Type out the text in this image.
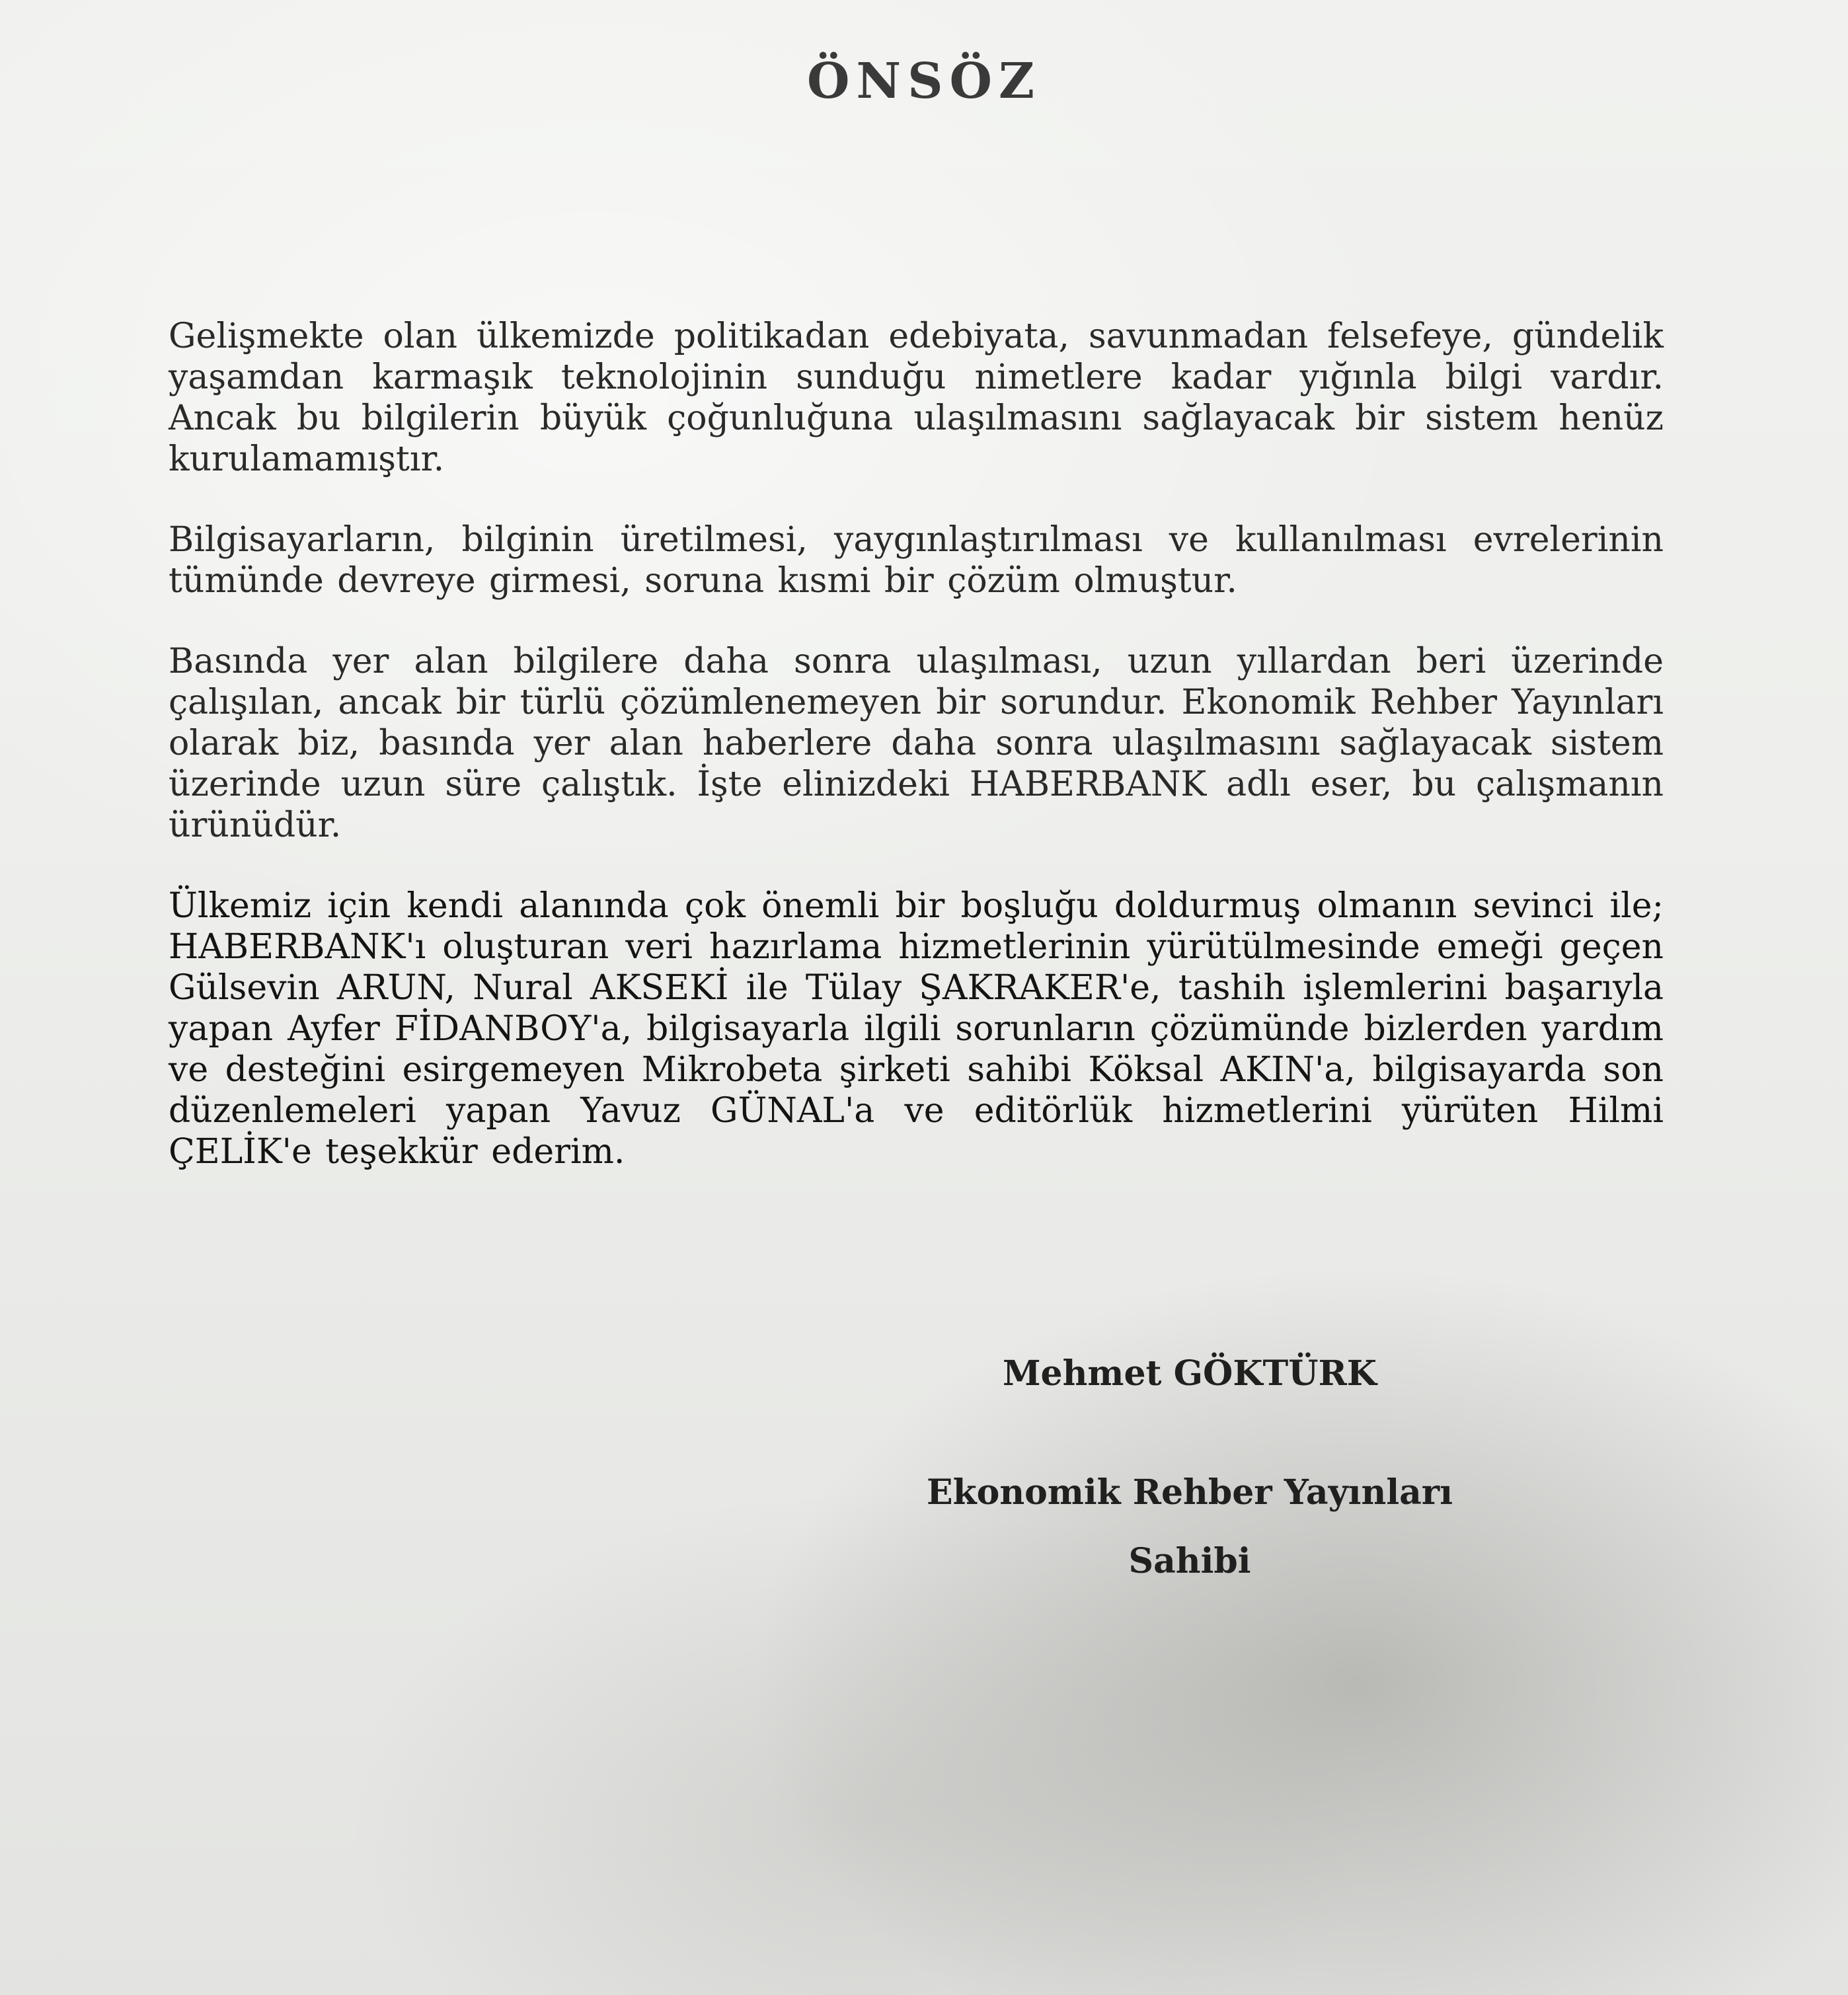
ÖNSÖZ

Gelişmekte olan ülkemizde politikadan edebiyata, savunmadan felsefeye, gündelik yaşamdan karmaşık teknolojinin sunduğu nimetlere kadar yığınla bilgi vardır. Ancak bu bilgilerin büyük çoğunluğuna ulaşılmasını sağlayacak bir sistem henüz kurulamamıştır.

Bilgisayarların, bilginin üretilmesi, yaygınlaştırılması ve kullanılması evrelerinin tümünde devreye girmesi, soruna kısmi bir çözüm olmuştur.

Basında yer alan bilgilere daha sonra ulaşılması, uzun yıllardan beri üzerinde çalışılan, ancak bir türlü çözümlenemeyen bir sorundur. Ekonomik Rehber Yayınları olarak biz, basında yer alan haberlere daha sonra ulaşılmasını sağlayacak sistem üzerinde uzun süre çalıştık. İşte elinizdeki HABERBANK adlı eser, bu çalışmanın ürünüdür.

Ülkemiz için kendi alanında çok önemli bir boşluğu doldurmuş olmanın sevinci ile; HABERBANK'ı oluşturan veri hazırlama hizmetlerinin yürütülmesinde emeği geçen Gülsevin ARUN, Nural AKSEKİ ile Tülay ŞAKRAKER'e, tashih işlemlerini başarıyla yapan Ayfer FİDANBOY'a, bilgisayarla ilgili sorunların çözümünde bizlerden yardım ve desteğini esirgemeyen Mikrobeta şirketi sahibi Köksal AKIN'a, bilgisayarda son düzenlemeleri yapan Yavuz GÜNAL'a ve editörlük hizmetlerini yürüten Hilmi ÇELİK'e teşekkür ederim.

Mehmet GÖKTÜRK
Ekonomik Rehber Yayınları
Sahibi
